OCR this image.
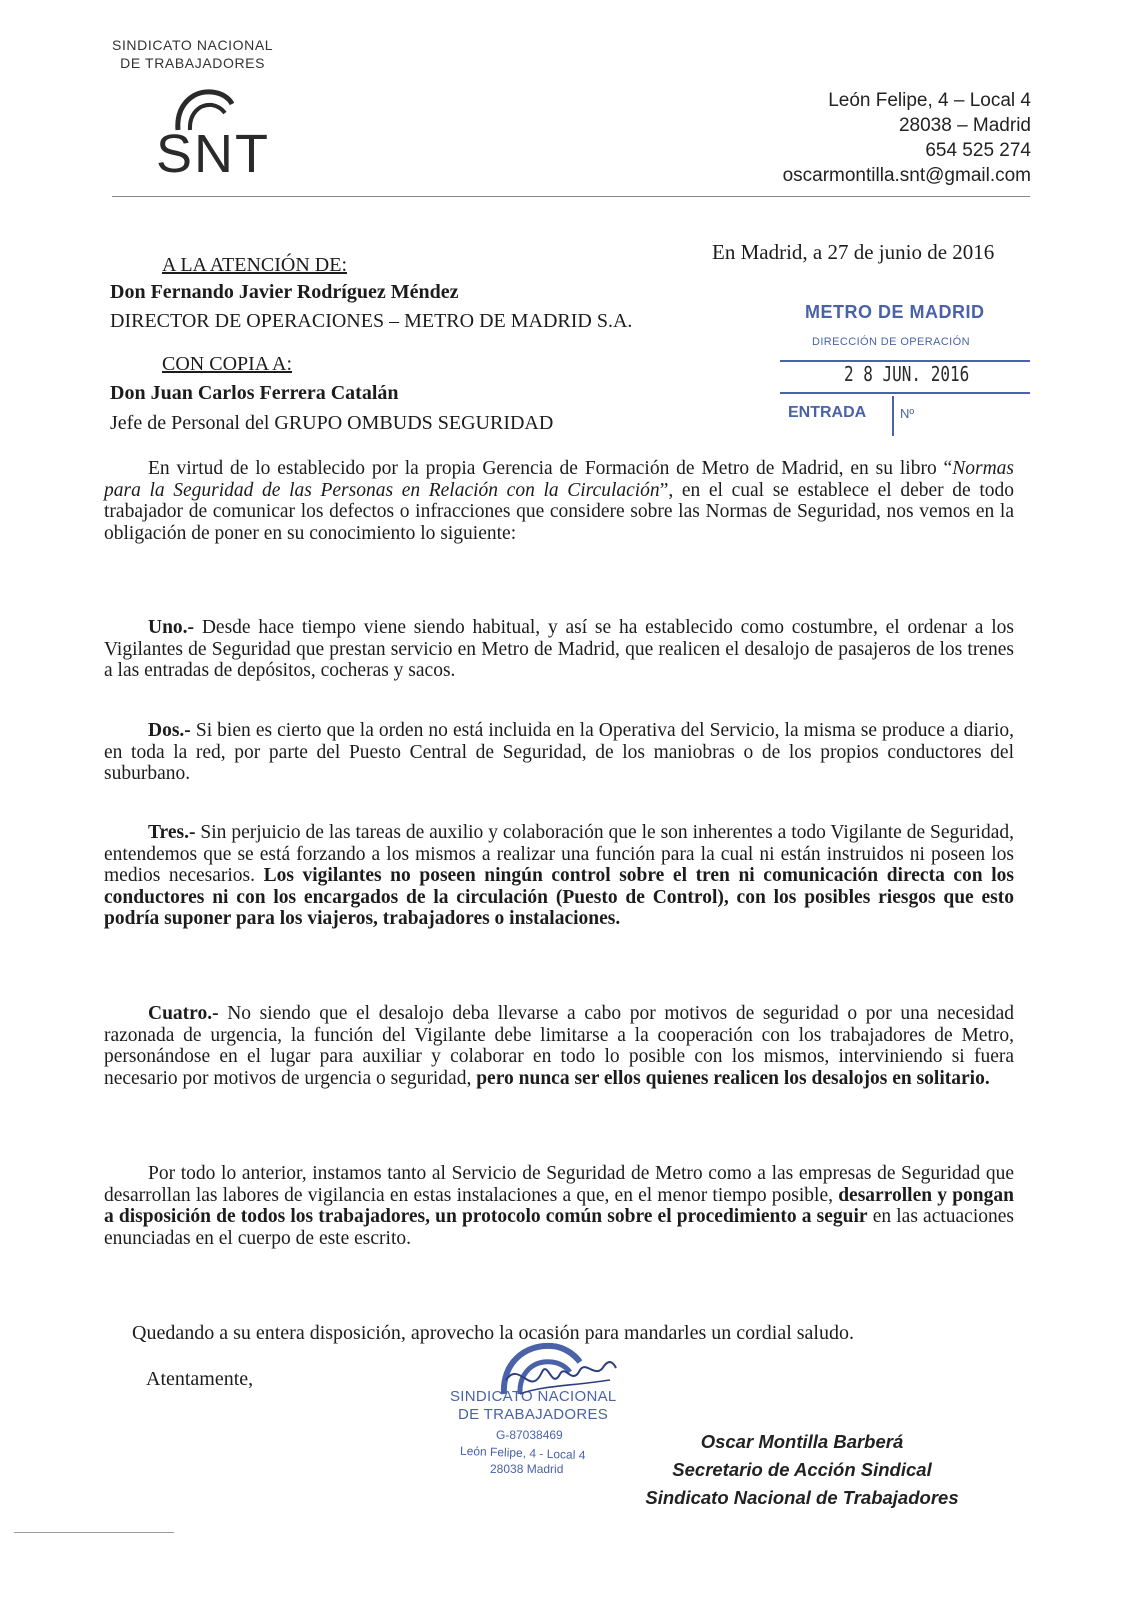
SINDICATO NACIONAL
DE TRABAJADORES
SNT
León Felipe, 4 – Local 4
28038 – Madrid
654 525 274
oscarmontilla.snt@gmail.com
En Madrid, a 27 de junio de 2016
A LA ATENCIÓN DE:
Don Fernando Javier Rodríguez Méndez
DIRECTOR DE OPERACIONES – METRO DE MADRID S.A.
CON COPIA A:
Don Juan Carlos Ferrera Catalán
Jefe de Personal del GRUPO OMBUDS SEGURIDAD
METRO DE MADRID
DIRECCIÓN DE OPERACIÓN
2 8 JUN. 2016
ENTRADA	Nº
En virtud de lo establecido por la propia Gerencia de Formación de Metro de Madrid, en su libro “Normas para la Seguridad de las Personas en Relación con la Circulación”, en el cual se establece el deber de todo trabajador de comunicar los defectos o infracciones que considere sobre las Normas de Seguridad, nos vemos en la obligación de poner en su conocimiento lo siguiente:
Uno.- Desde hace tiempo viene siendo habitual, y así se ha establecido como costumbre, el ordenar a los Vigilantes de Seguridad que prestan servicio en Metro de Madrid, que realicen el desalojo de pasajeros de los trenes a las entradas de depósitos, cocheras y sacos.
Dos.- Si bien es cierto que la orden no está incluida en la Operativa del Servicio, la misma se produce a diario, en toda la red, por parte del Puesto Central de Seguridad, de los maniobras o de los propios conductores del suburbano.
Tres.- Sin perjuicio de las tareas de auxilio y colaboración que le son inherentes a todo Vigilante de Seguridad, entendemos que se está forzando a los mismos a realizar una función para la cual ni están instruidos ni poseen los medios necesarios. Los vigilantes no poseen ningún control sobre el tren ni comunicación directa con los conductores ni con los encargados de la circulación (Puesto de Control), con los posibles riesgos que esto podría suponer para los viajeros, trabajadores o instalaciones.
Cuatro.- No siendo que el desalojo deba llevarse a cabo por motivos de seguridad o por una necesidad razonada de urgencia, la función del Vigilante debe limitarse a la cooperación con los trabajadores de Metro, personándose en el lugar para auxiliar y colaborar en todo lo posible con los mismos, interviniendo si fuera necesario por motivos de urgencia o seguridad, pero nunca ser ellos quienes realicen los desalojos en solitario.
Por todo lo anterior, instamos tanto al Servicio de Seguridad de Metro como a las empresas de Seguridad que desarrollan las labores de vigilancia en estas instalaciones a que, en el menor tiempo posible, desarrollen y pongan a disposición de todos los trabajadores, un protocolo común sobre el procedimiento a seguir en las actuaciones enunciadas en el cuerpo de este escrito.
Quedando a su entera disposición, aprovecho la ocasión para mandarles un cordial saludo.
Atentamente,
SINDICATO NACIONAL
DE TRABAJADORES
G-87038469
León Felipe, 4 - Local 4
28038 Madrid
Oscar Montilla Barberá
Secretario de Acción Sindical
Sindicato Nacional de Trabajadores
